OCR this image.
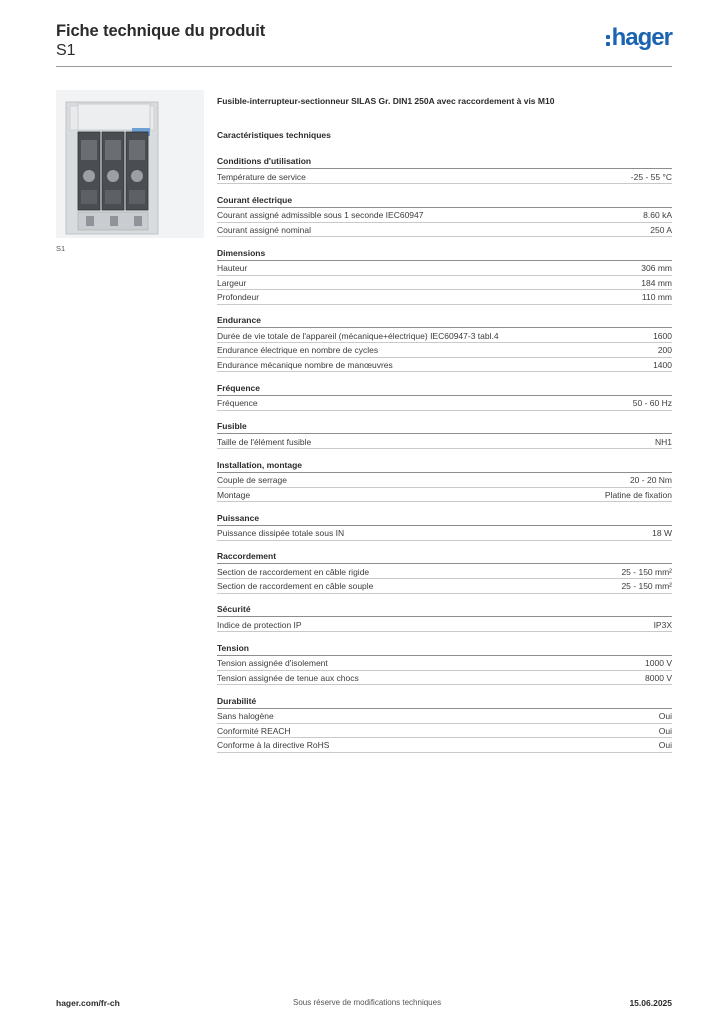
Fiche technique du produit
S1	hager
S1
Fusible-interrupteur-sectionneur SILAS Gr. DIN1 250A avec raccordement à vis M10
Caractéristiques techniques
Conditions d'utilisation
Température de service	-25 - 55 °C
Courant électrique
Courant assigné admissible sous 1 seconde IEC60947	8.60 kA
Courant assigné nominal	250 A
Dimensions
Hauteur	306 mm
Largeur	184 mm
Profondeur	110 mm
Endurance
Durée de vie totale de l'appareil (mécanique+électrique) IEC60947-3 tabl.4	1600
Endurance électrique en nombre de cycles	200
Endurance mécanique nombre de manœuvres	1400
Fréquence
Fréquence	50 - 60 Hz
Fusible
Taille de l'élément fusible	NH1
Installation, montage
Couple de serrage	20 - 20 Nm
Montage	Platine de fixation
Puissance
Puissance dissipée totale sous IN	18 W
Raccordement
Section de raccordement en câble rigide	25 - 150 mm²
Section de raccordement en câble souple	25 - 150 mm²
Sécurité
Indice de protection IP	IP3X
Tension
Tension assignée d'isolement	1000 V
Tension assignée de tenue aux chocs	8000 V
Durabilité
Sans halogène	Oui
Conformité REACH	Oui
Conforme à la directive RoHS	Oui
hager.com/fr-ch	Sous réserve de modifications techniques	15.06.2025
